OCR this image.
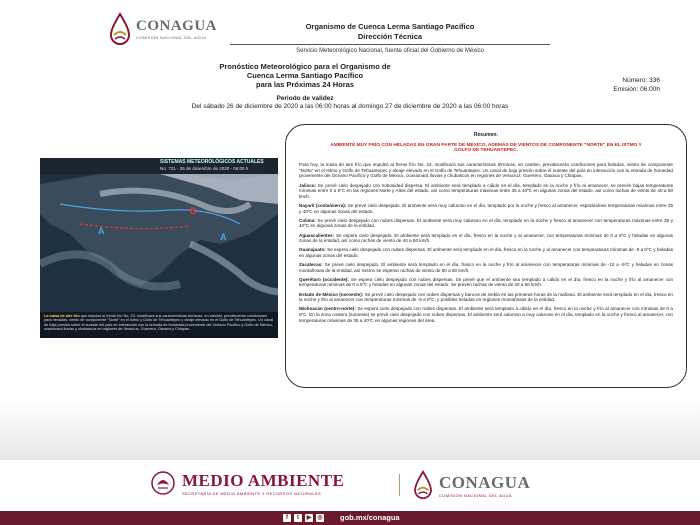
CONAGUA
COMISIÓN NACIONAL DEL AGUA
Organismo de Cuenca Lerma Santiago Pacífico
Dirección Técnica
Servicio Meteorológico Nacional, fuente oficial del Gobierno de México
Pronóstico Meteorológico para el Organismo de
Cuenca Lerma Santiago Pacífico
para las Próximas 24 Horas
Periodo de validez
Número: 336
Emisión: 06:00h
Del sábado 26 de diciembre de 2020 a las 06:00 horas al domingo 27 de diciembre de 2020 a las 06:00 horas
SISTEMAS METEOROLÓGICOS ACTUALES
No. 721 - 26 de diciembre de 2020 - 06:00 h
A
B
A
La masa de aire frío que impulsó al frente frío No. 23, modificará sus características térmicas, en cambio, prevalecerán condiciones para nevadas, viento de componente "Norte" en el Istmo y Golfo de Tehuantepec y oleaje elevado en el Golfo de Tehuantepec. Un canal de baja presión sobre el sureste del país en interacción con la entrada de humedad proveniente del Océano Pacífico y Golfo de México, ocasionará lluvias y chubascos en regiones de Veracruz, Guerrero, Oaxaca y Chiapas.
Resumen:
AMBIENTE MUY FRÍO CON HELADAS EN GRAN PARTE DE MÉXICO, ADEMÁS DE VIENTOS DE COMPONENTE "NORTE" EN EL ISTMO Y GOLFO DE TEHUANTEPEC.

Para hoy, la masa de aire frío que impulsó al frente frío No. 23, modificará sus características térmicas, en cambio, prevalecerán condiciones para heladas, viento de componente "Norte" en el Istmo y Golfo de Tehuantepec y oleaje elevado en el Golfo de Tehuantepec. Un canal de baja presión sobre el sureste del país en interacción con la entrada de humedad proveniente del Océano Pacífico y Golfo de México, ocasionará lluvias y chubascos en regiones de Veracruz, Guerrero, Oaxaca y Chiapas.

Jalisco: Se prevé cielo despejado con nubosidad dispersa. El ambiente será templado a cálido en el día, templado en la noche y frío al amanecer, se prevén bajas temperaturas mínimas entre 0 a 5ºC en las regiones Norte y Altos del estado, así como temperaturas máximas entre 35 a 40ºC en algunas zonas del estado, así como rachas de viento de 40 a 50 km/h.

Nayarit (costa/sierra): Se prevé cielo despejado. El ambiente será muy caluroso en el día, templado por la noche y fresco al amanecer, esperándose temperaturas máximas entre 35 y 40ºC en algunas zonas del estado.

Colima: Se prevé cielo despejado con nubes dispersas. El ambiente será muy caluroso en el día, templado en la noche y fresco al amanecer con temperaturas máximas entre 35 y 40ºC en algunas zonas de la entidad.

Aguascalientes: Se espera cielo despejado. El ambiente será templado en el día, fresco en la noche y al amanecer, con temperaturas mínimas de 0 a 5ºC y heladas en algunas zonas de la entidad, así como rachas de viento de 40 a 50 km/h.

Guanajuato: Se espera cielo despejado con nubes dispersas. El ambiente será templado en el día, fresco en la noche y al amanecer con temperaturas mínimas de -5 a 0ºC y heladas en algunas zonas del estado.

Zacatecas: Se prevé cielo despejado. El ambiente será templado en el día, fresco en la noche y frío al amanecer con temperaturas mínimas de -10 a -5ºC y heladas en zonas montañosas de la entidad, así mismo se esperan rachas de viento de 50 a 60 km/h.

Querétaro (occidente): Se espera cielo despejado con nubes dispersas. Se prevé que el ambiente sea templado a cálido en el día, fresco en la noche y frío al amanecer con temperaturas mínimas de 0 a 5ºC y heladas en algunas zonas del estado. Se prevén rachas de viento de 40 a 50 km/h.

Estado de México (noroeste): Se prevé cielo despejado con nubes dispersas y bancos de niebla en las primeras horas de la mañana. El ambiente será templado en el día, fresco en la noche y frío al amanecer con temperaturas mínimas de -5 a 0ºC, y posibles heladas en regiones montañosas de la entidad.

Michoacán (centro-norte): Se espera cielo despejado con nubes dispersas. El ambiente será templado a cálido en el día, fresco en la noche y frío al amanecer con mínimas de 0 a 5ºC. En la zona costera (suroeste) se prevé cielo despejado con nubes dispersas. El ambiente será caluroso a muy caluroso en el día, templado en la noche y fresco al amanecer, con temperaturas máximas de 35 a 40ºC en algunas regiones del área.

MEDIO AMBIENTE
SECRETARÍA DE MEDIO AMBIENTE Y RECURSOS NATURALES
CONAGUA
COMISIÓN NACIONAL DEL AGUA
f	t	▶ ◎ gob.mx/conagua
